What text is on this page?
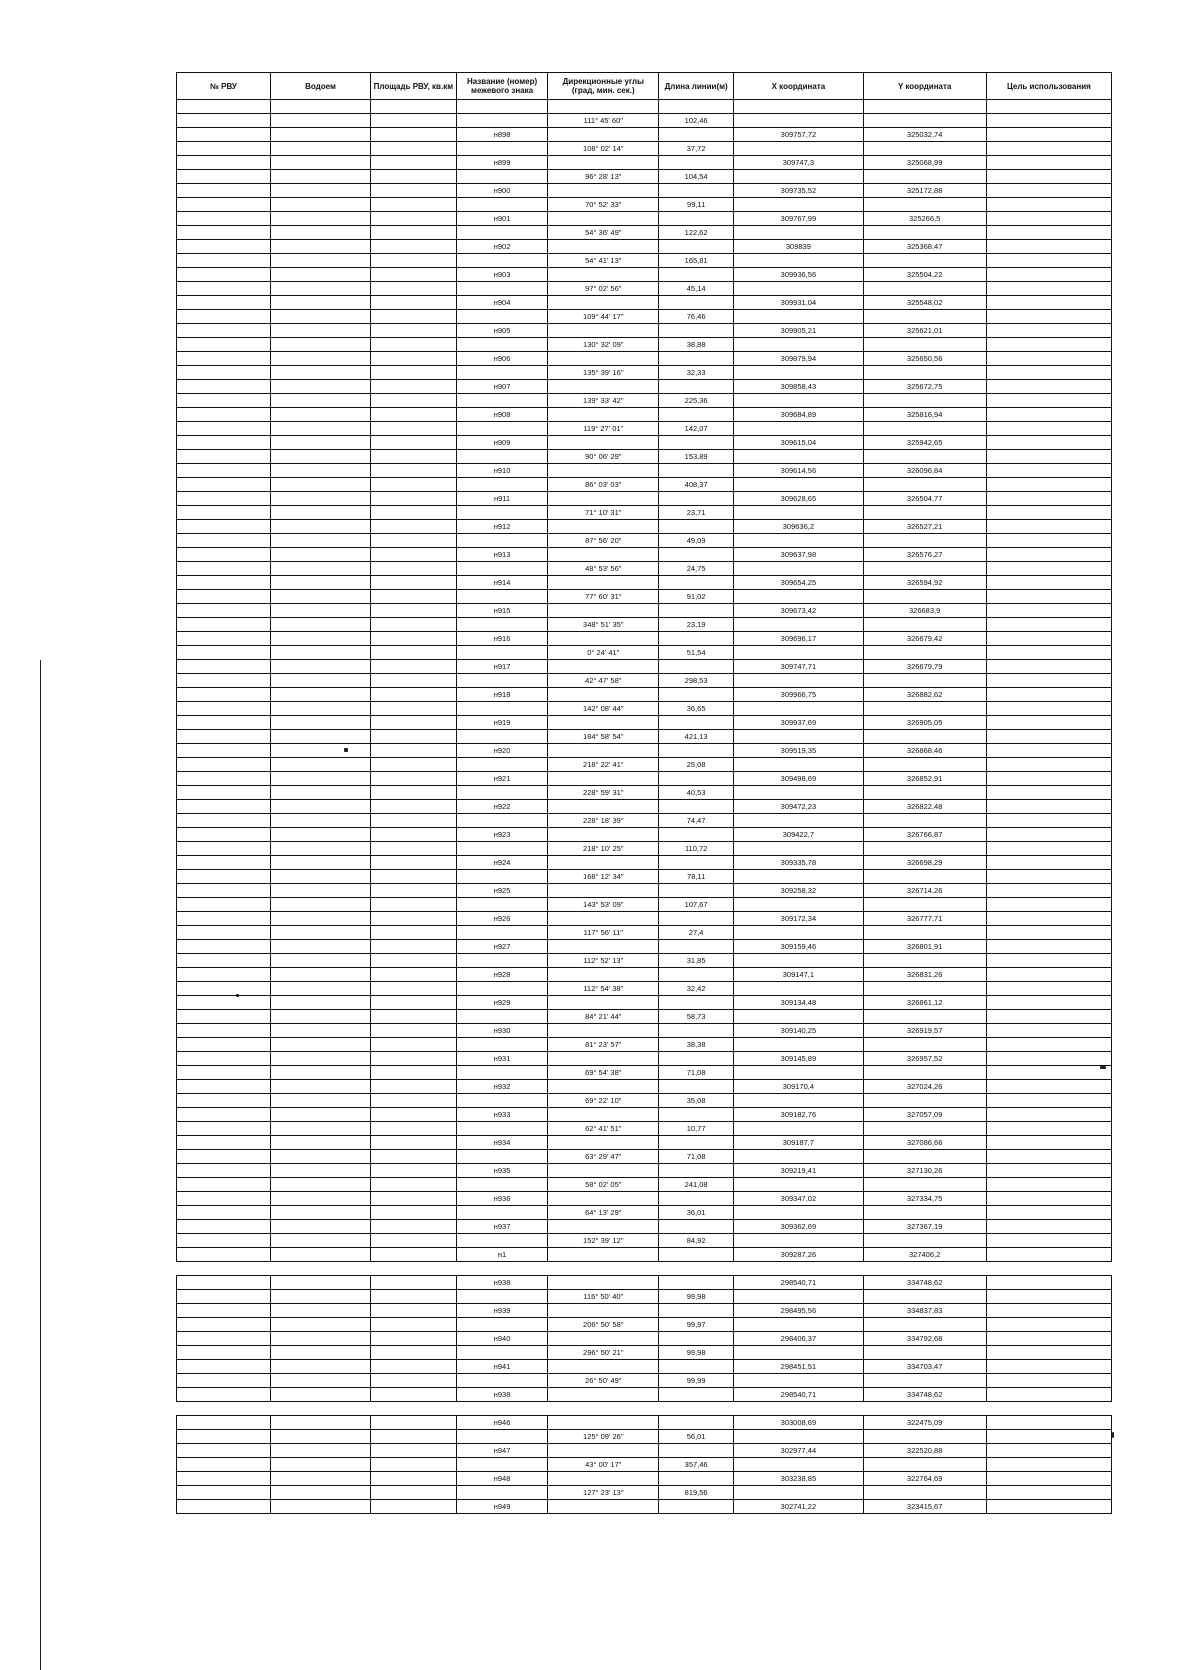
№ РВУ	Водоем	Площадь РВУ, кв.км	Название (номер) межевого знака	Дирекционные углы (град, мин. сек.)	Длина линии(м)	X координата	Y координата	Цель использования

				111° 45' 60"	102,46			
			н898			309757,72	325032,74	
				108° 02' 14"	37,72			
			н899			309747,3	325068,99	
				96° 28' 13"	104,54			
			н900			309735,52	325172,88	
				70° 52' 33"	99,11			
			н901			309767,99	325266,5	
				54° 36' 49"	122,62			
			н902			309839	325368,47	
				54° 41' 13"	165,81			
			н903			309936,56	325504,22	
				97° 02' 56"	45,14			
			н904			309931,04	325548,02	
				109° 44' 17"	76,46			
			н905			309905,21	325621,01	
				130° 32' 09"	38,88			
			н906			309879,94	325650,56	
				135° 39' 16"	32,33			
			н907			309858,43	325672,75	
				139° 33' 42"	225,36			
			н908			309684,89	325816,94	
				119° 27' 01"	142,07			
			н909			309615,04	325942,65	
				90° 06' 29"	153,89			
			н910			309614,56	326096,84	
				86° 03' 03"	408,37			
			н911			309628,65	326504,77	
				71° 10' 31"	23,71			
			н912			309636,2	326527,21	
				87° 56' 20"	49,09			
			н913			309637,98	326576,27	
				48° 53' 56"	24,75			
			н914			309654,25	326594,92	
				77° 60' 31"	91,02			
			н915			309673,42	326683,9	
				348° 51' 35"	23,19			
			н916			309696,17	326679,42	
				0° 24' 41"	51,54			
			н917			309747,71	326679,79	
				42° 47' 58"	298,53			
			н918			309966,75	326882,62	
				142° 08' 44"	36,65			
			н919			309937,69	326905,05	
				184° 58' 54"	421,13			
			н920			309519,35	326868,46	
				218° 22' 41"	25,08			
			н921			309498,69	326852,91	
				228° 59' 31"	40,53			
			н922			309472,23	326822,48	
				228° 18' 39"	74,47			
			н923			309422,7	326766,87	
				218° 10' 25"	110,72			
			н924			309335,78	326698,29	
				168° 12' 34"	78,11			
			н925			309258,32	326714,26	
				143° 53' 09"	107,67			
			н926			309172,34	326777,71	
				117° 56' 11"	27,4			
			н927			309159,46	326801,91	
				112° 52' 13"	31,85			
			н928			309147,1	326831,26	
				112° 54' 38"	32,42			
			н929			309134,48	326861,12	
				84° 21' 44"	58,73			
			н930			309140,25	326919,57	
				81° 23' 57"	38,38			
			н931			309145,89	326957,52	
				69° 54' 38"	71,08			
			н932			309170,4	327024,26	
				69° 22' 10"	35,08			
			н933			309182,76	327057,09	
				62° 41' 51"	10,77			
			н934			309187,7	327086,66	
				63° 29' 47"	71,08			
			н935			309219,41	327130,26	
				58° 02' 05"	241,08			
			н936			309347,02	327334,75	
				64° 13' 29"	36,01			
			н937			309362,69	327367,19	
				152° 39' 12"	84,92			
			н1			309287,26	327406,2	

			н938			298540,71	334748,62	
				116° 50' 40"	99,98			
			н939			298495,56	334837,83	
				206° 50' 58"	99,97			
			н940			298406,37	334792,68	
				296° 50' 21"	99,98			
			н941			298451,51	334703,47	
				26° 50' 49"	99,99			
			н938			298540,71	334748,62	

			н946			303008,69	322475,09	
				125° 09' 26"	56,01			
			н947			302977,44	322520,88	
				43° 00' 17"	357,46			
			н948			303238,85	322764,69	
				127° 23' 13"	819,56			
			н949			302741,22	323415,67	
